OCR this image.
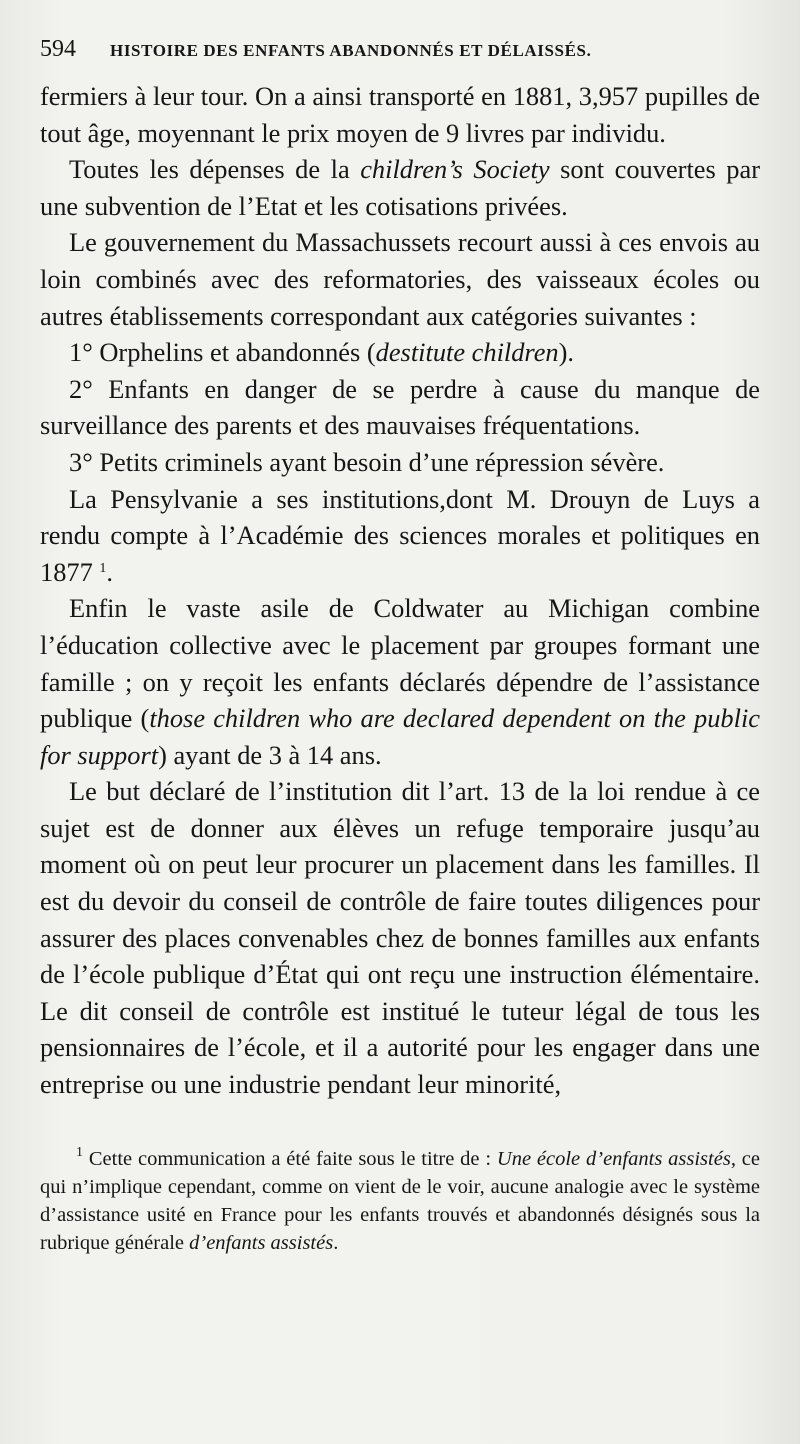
594 HISTOIRE DES ENFANTS ABANDONNÉS ET DÉLAISSÉS.

fermiers à leur tour. On a ainsi transporté en 1881, 3,957 pupilles de tout âge, moyennant le prix moyen de 9 livres par individu.

Toutes les dépenses de la children’s Society sont couvertes par une subvention de l’Etat et les cotisations privées.

Le gouvernement du Massachussets recourt aussi à ces envois au loin combinés avec des reformatories, des vaisseaux écoles ou autres établissements correspondant aux catégories suivantes :

1° Orphelins et abandonnés (destitute children).

2° Enfants en danger de se perdre à cause du manque de surveillance des parents et des mauvaises fréquentations.

3° Petits criminels ayant besoin d’une répression sévère.

La Pensylvanie a ses institutions,dont M. Drouyn de Luys a rendu compte à l’Académie des sciences morales et politiques en 1877 $^1$.

Enfin le vaste asile de Coldwater au Michigan combine l’éducation collective avec le placement par groupes formant une famille ; on y reçoit les enfants déclarés dépendre de l’assistance publique (those children who are declared dependent on the public for support) ayant de 3 à 14 ans.

Le but déclaré de l’institution dit l’art. 13 de la loi rendue à ce sujet est de donner aux élèves un refuge temporaire jusqu’au moment où on peut leur procurer un placement dans les familles. Il est du devoir du conseil de contrôle de faire toutes diligences pour assurer des places convenables chez de bonnes familles aux enfants de l’école publique d’État qui ont reçu une instruction élémentaire. Le dit conseil de contrôle est institué le tuteur légal de tous les pensionnaires de l’école, et il a autorité pour les engager dans une entreprise ou une industrie pendant leur minorité,

$^1$ Cette communication a été faite sous le titre de : Une école d’enfants assistés, ce qui n’implique cependant, comme on vient de le voir, aucune analogie avec le système d’assistance usité en France pour les enfants trouvés et abandonnés désignés sous la rubrique générale d’enfants assistés.
